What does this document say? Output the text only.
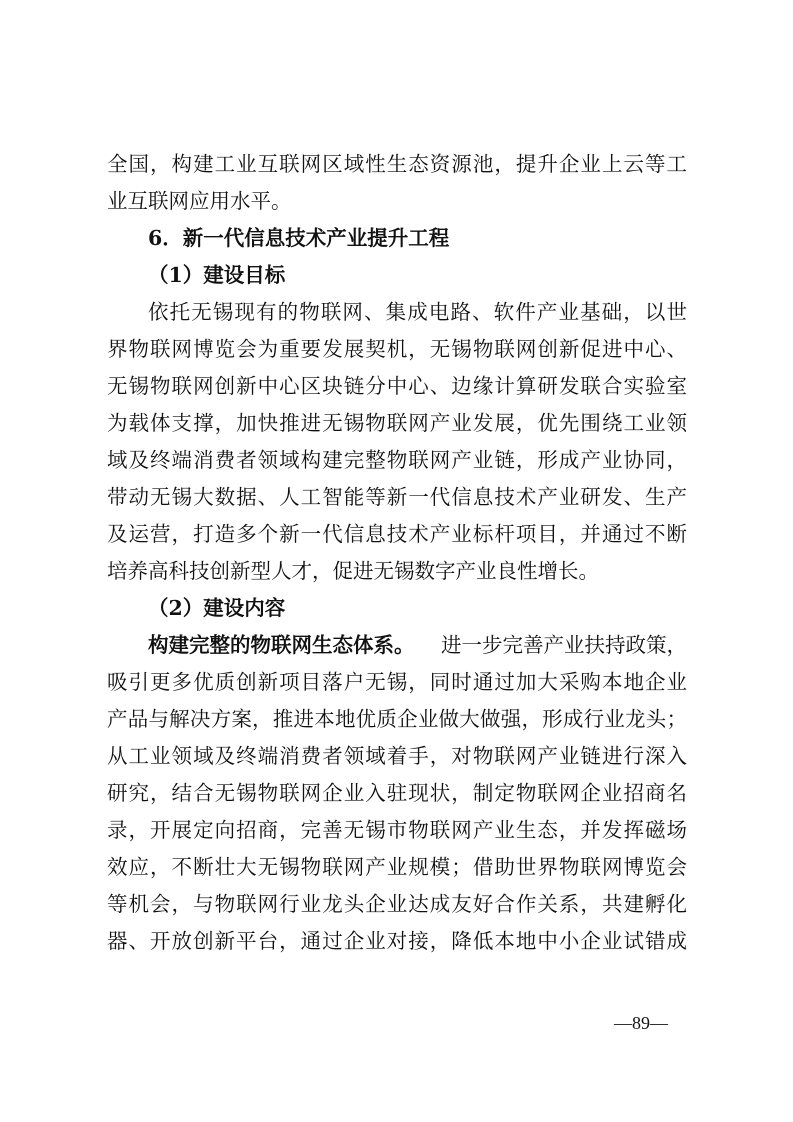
全国，构建工业互联网区域性生态资源池，提升企业上云等工
业互联网应用水平。
6．新一代信息技术产业提升工程
（1）建设目标
依托无锡现有的物联网、集成电路、软件产业基础，以世
界物联网博览会为重要发展契机，无锡物联网创新促进中心、
无锡物联网创新中心区块链分中心、边缘计算研发联合实验室
为载体支撑，加快推进无锡物联网产业发展，优先围绕工业领
域及终端消费者领域构建完整物联网产业链，形成产业协同，
带动无锡大数据、人工智能等新一代信息技术产业研发、生产
及运营，打造多个新一代信息技术产业标杆项目，并通过不断
培养高科技创新型人才，促进无锡数字产业良性增长。
（2）建设内容
构建完整的物联网生态体系。 进一步完善产业扶持政策，
吸引更多优质创新项目落户无锡，同时通过加大采购本地企业
产品与解决方案，推进本地优质企业做大做强，形成行业龙头；
从工业领域及终端消费者领域着手，对物联网产业链进行深入
研究，结合无锡物联网企业入驻现状，制定物联网企业招商名
录，开展定向招商，完善无锡市物联网产业生态，并发挥磁场
效应，不断壮大无锡物联网产业规模；借助世界物联网博览会
等机会，与物联网行业龙头企业达成友好合作关系，共建孵化
器、开放创新平台，通过企业对接，降低本地中小企业试错成
—89—
